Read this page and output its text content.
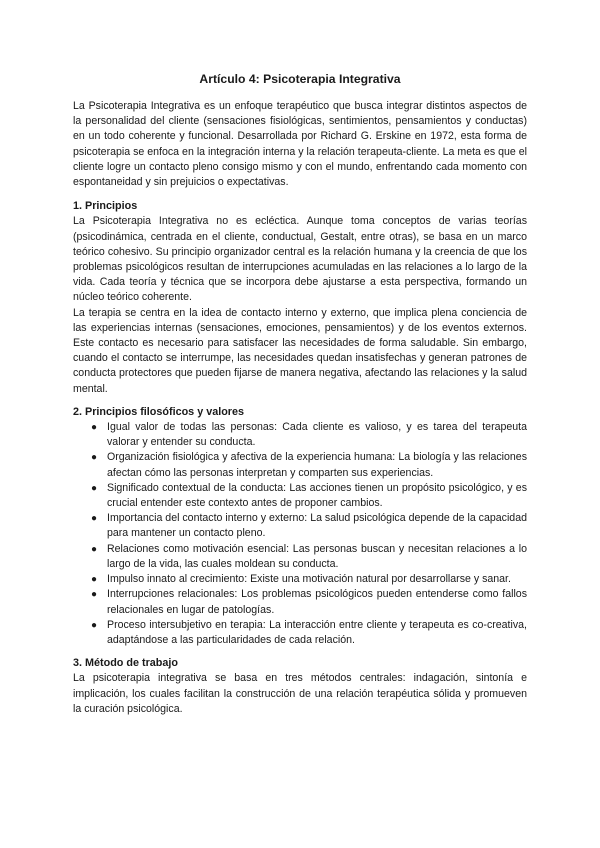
Artículo 4: Psicoterapia Integrativa

La Psicoterapia Integrativa es un enfoque terapéutico que busca integrar distintos aspectos de la personalidad del cliente (sensaciones fisiológicas, sentimientos, pensamientos y conductas) en un todo coherente y funcional. Desarrollada por Richard G. Erskine en 1972, esta forma de psicoterapia se enfoca en la integración interna y la relación terapeuta-cliente. La meta es que el cliente logre un contacto pleno consigo mismo y con el mundo, enfrentando cada momento con espontaneidad y sin prejuicios o expectativas.

1. Principios

La Psicoterapia Integrativa no es ecléctica. Aunque toma conceptos de varias teorías (psicodinámica, centrada en el cliente, conductual, Gestalt, entre otras), se basa en un marco teórico cohesivo. Su principio organizador central es la relación humana y la creencia de que los problemas psicológicos resultan de interrupciones acumuladas en las relaciones a lo largo de la vida. Cada teoría y técnica que se incorpora debe ajustarse a esta perspectiva, formando un núcleo teórico coherente.

La terapia se centra en la idea de contacto interno y externo, que implica plena conciencia de las experiencias internas (sensaciones, emociones, pensamientos) y de los eventos externos. Este contacto es necesario para satisfacer las necesidades de forma saludable. Sin embargo, cuando el contacto se interrumpe, las necesidades quedan insatisfechas y generan patrones de conducta protectores que pueden fijarse de manera negativa, afectando las relaciones y la salud mental.

2. Principios filosóficos y valores
● Igual valor de todas las personas: Cada cliente es valioso, y es tarea del terapeuta valorar y entender su conducta.
● Organización fisiológica y afectiva de la experiencia humana: La biología y las relaciones afectan cómo las personas interpretan y comparten sus experiencias.
● Significado contextual de la conducta: Las acciones tienen un propósito psicológico, y es crucial entender este contexto antes de proponer cambios.
● Importancia del contacto interno y externo: La salud psicológica depende de la capacidad para mantener un contacto pleno.
● Relaciones como motivación esencial: Las personas buscan y necesitan relaciones a lo largo de la vida, las cuales moldean su conducta.
● Impulso innato al crecimiento: Existe una motivación natural por desarrollarse y sanar.
● Interrupciones relacionales: Los problemas psicológicos pueden entenderse como fallos relacionales en lugar de patologías.
● Proceso intersubjetivo en terapia: La interacción entre cliente y terapeuta es co-creativa, adaptándose a las particularidades de cada relación.
3. Método de trabajo

La psicoterapia integrativa se basa en tres métodos centrales: indagación, sintonía e implicación, los cuales facilitan la construcción de una relación terapéutica sólida y promueven la curación psicológica.
